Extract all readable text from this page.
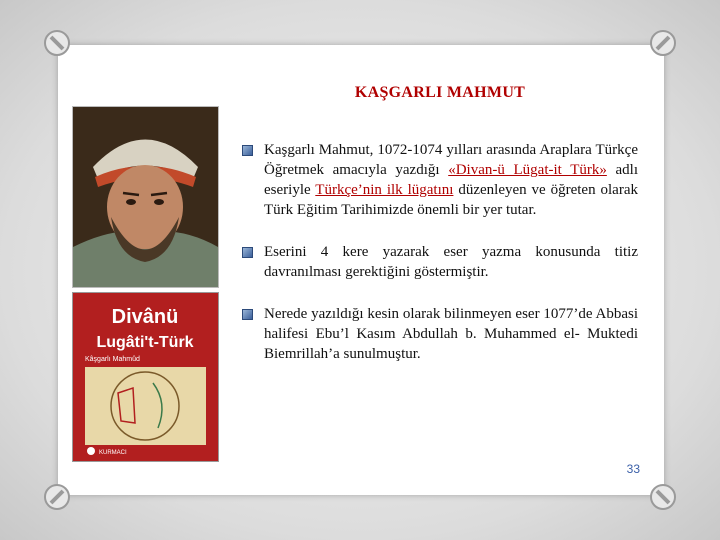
KAŞGARLI MAHMUT
Divânü
Lugâti't-Türk
Kâşgarlı Mahmûd
KURMACI
Kaşgarlı Mahmut, 1072-1074 yılları arasında Araplara Türkçe Öğretmek amacıyla yazdığı «Divan-ü Lügat-it Türk» adlı eseriyle Türkçe’nin ilk lügatını düzenleyen ve öğreten olarak Türk Eğitim Tarihimizde önemli bir yer tutar.
Eserini 4 kere yazarak eser yazma konusunda titiz davranılması gerektiğini göstermiştir.
Nerede yazıldığı kesin olarak bilinmeyen eser 1077’de Abbasi halifesi Ebu’l Kasım Abdullah b. Muhammed el- Muktedi Biemrillah’a sunulmuştur.
33
